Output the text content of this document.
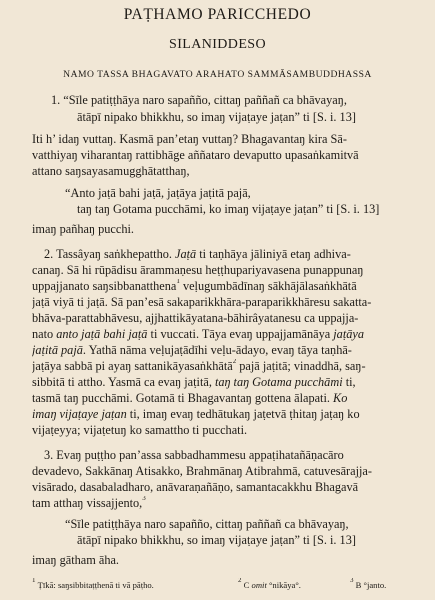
PAṬHAMO PARICCHEDO
SĪLANIDDESO
NAMO TASSA BHAGAVATO ARAHATO SAMMĀSAMBUDDHASSA
1. “Sīle patiṭṭhāya naro sapañño, cittaŋ paññañ ca bhāvayaŋ,
ātāpī nipako bhikkhu, so imaŋ vijaṭaye jaṭan” ti [S. i. 13]
Iti h’ idaŋ vuttaŋ. Kasmā pan’etaŋ vuttaŋ? Bhagavantaŋ kira Sā-
vatthiyaŋ viharantaŋ rattibhāge aññataro devaputto upasaṅkamitvā
attano saŋsayasamugghātatthaŋ,
“Anto jaṭā bahi jaṭā, jaṭāya jaṭitā pajā,
taŋ taŋ Gotama pucchāmi, ko imaŋ vijaṭaye jaṭan” ti [S. i. 13]
imaŋ pañhaŋ pucchi.
2. Tassâyaŋ saṅkhepattho. Jaṭā ti taṇhāya jāliniyā etaŋ adhiva-
canaŋ. Sā hi rūpādisu ārammaṇesu heṭṭhupariyavasena punappunaŋ
uppajjanato saŋsibbanatthena$^1$ veḷugumbādīnaŋ sākhājālasaṅkhātā
jaṭā viyā ti jaṭā. Sā pan’esā sakaparikkhāra-paraparikkhāresu sakatta-
bhāva-parattabhāvesu, ajjhattikāyatana-bāhirâyatanesu ca uppajja-
nato anto jaṭā bahi jaṭā ti vuccati. Tāya evaŋ uppajjamānāya jaṭāya
jaṭitā pajā. Yathā nāma veḷujaṭādīhi veḷu-ādayo, evaŋ tāya taṇhā-
jaṭāya sabbā pi ayaŋ sattanikāyasaṅkhātā$^2$ pajā jaṭitā; vinaddhā, saŋ-
sibbitā ti attho. Yasmā ca evaŋ jaṭitā, taŋ taŋ Gotama pucchāmi ti,
tasmā taŋ pucchāmi. Gotamā ti Bhagavantaŋ gottena ālapati. Ko
imaŋ vijaṭaye jaṭan ti, imaŋ evaŋ tedhātukaŋ jaṭetvā ṭhitaŋ jaṭaŋ ko
vijaṭeyya; vijaṭetuŋ ko samattho ti pucchati.
3. Evaŋ puṭṭho pan’assa sabbadhammesu appaṭihatañāṇacāro
devadevo, Sakkānaŋ Atisakko, Brahmānaŋ Atibrahmā, catuvesārajja-
visārado, dasabaladharo, anāvaraṇañāṇo, samantacakkhu Bhagavā
tam atthaŋ vissajjento,$^3$
“Sīle patiṭṭhāya naro sapañño, cittaŋ paññañ ca bhāvayaŋ,
ātāpī nipako bhikkhu, so imaŋ vijaṭaye jaṭan” ti [S. i. 13]
imaŋ gātham āha.
$^1$ Ṭīkā: saŋsibbitaṭṭhenā ti vā pāṭho.	$^2$ C omit °nikāya°.	$^3$ B °janto.
